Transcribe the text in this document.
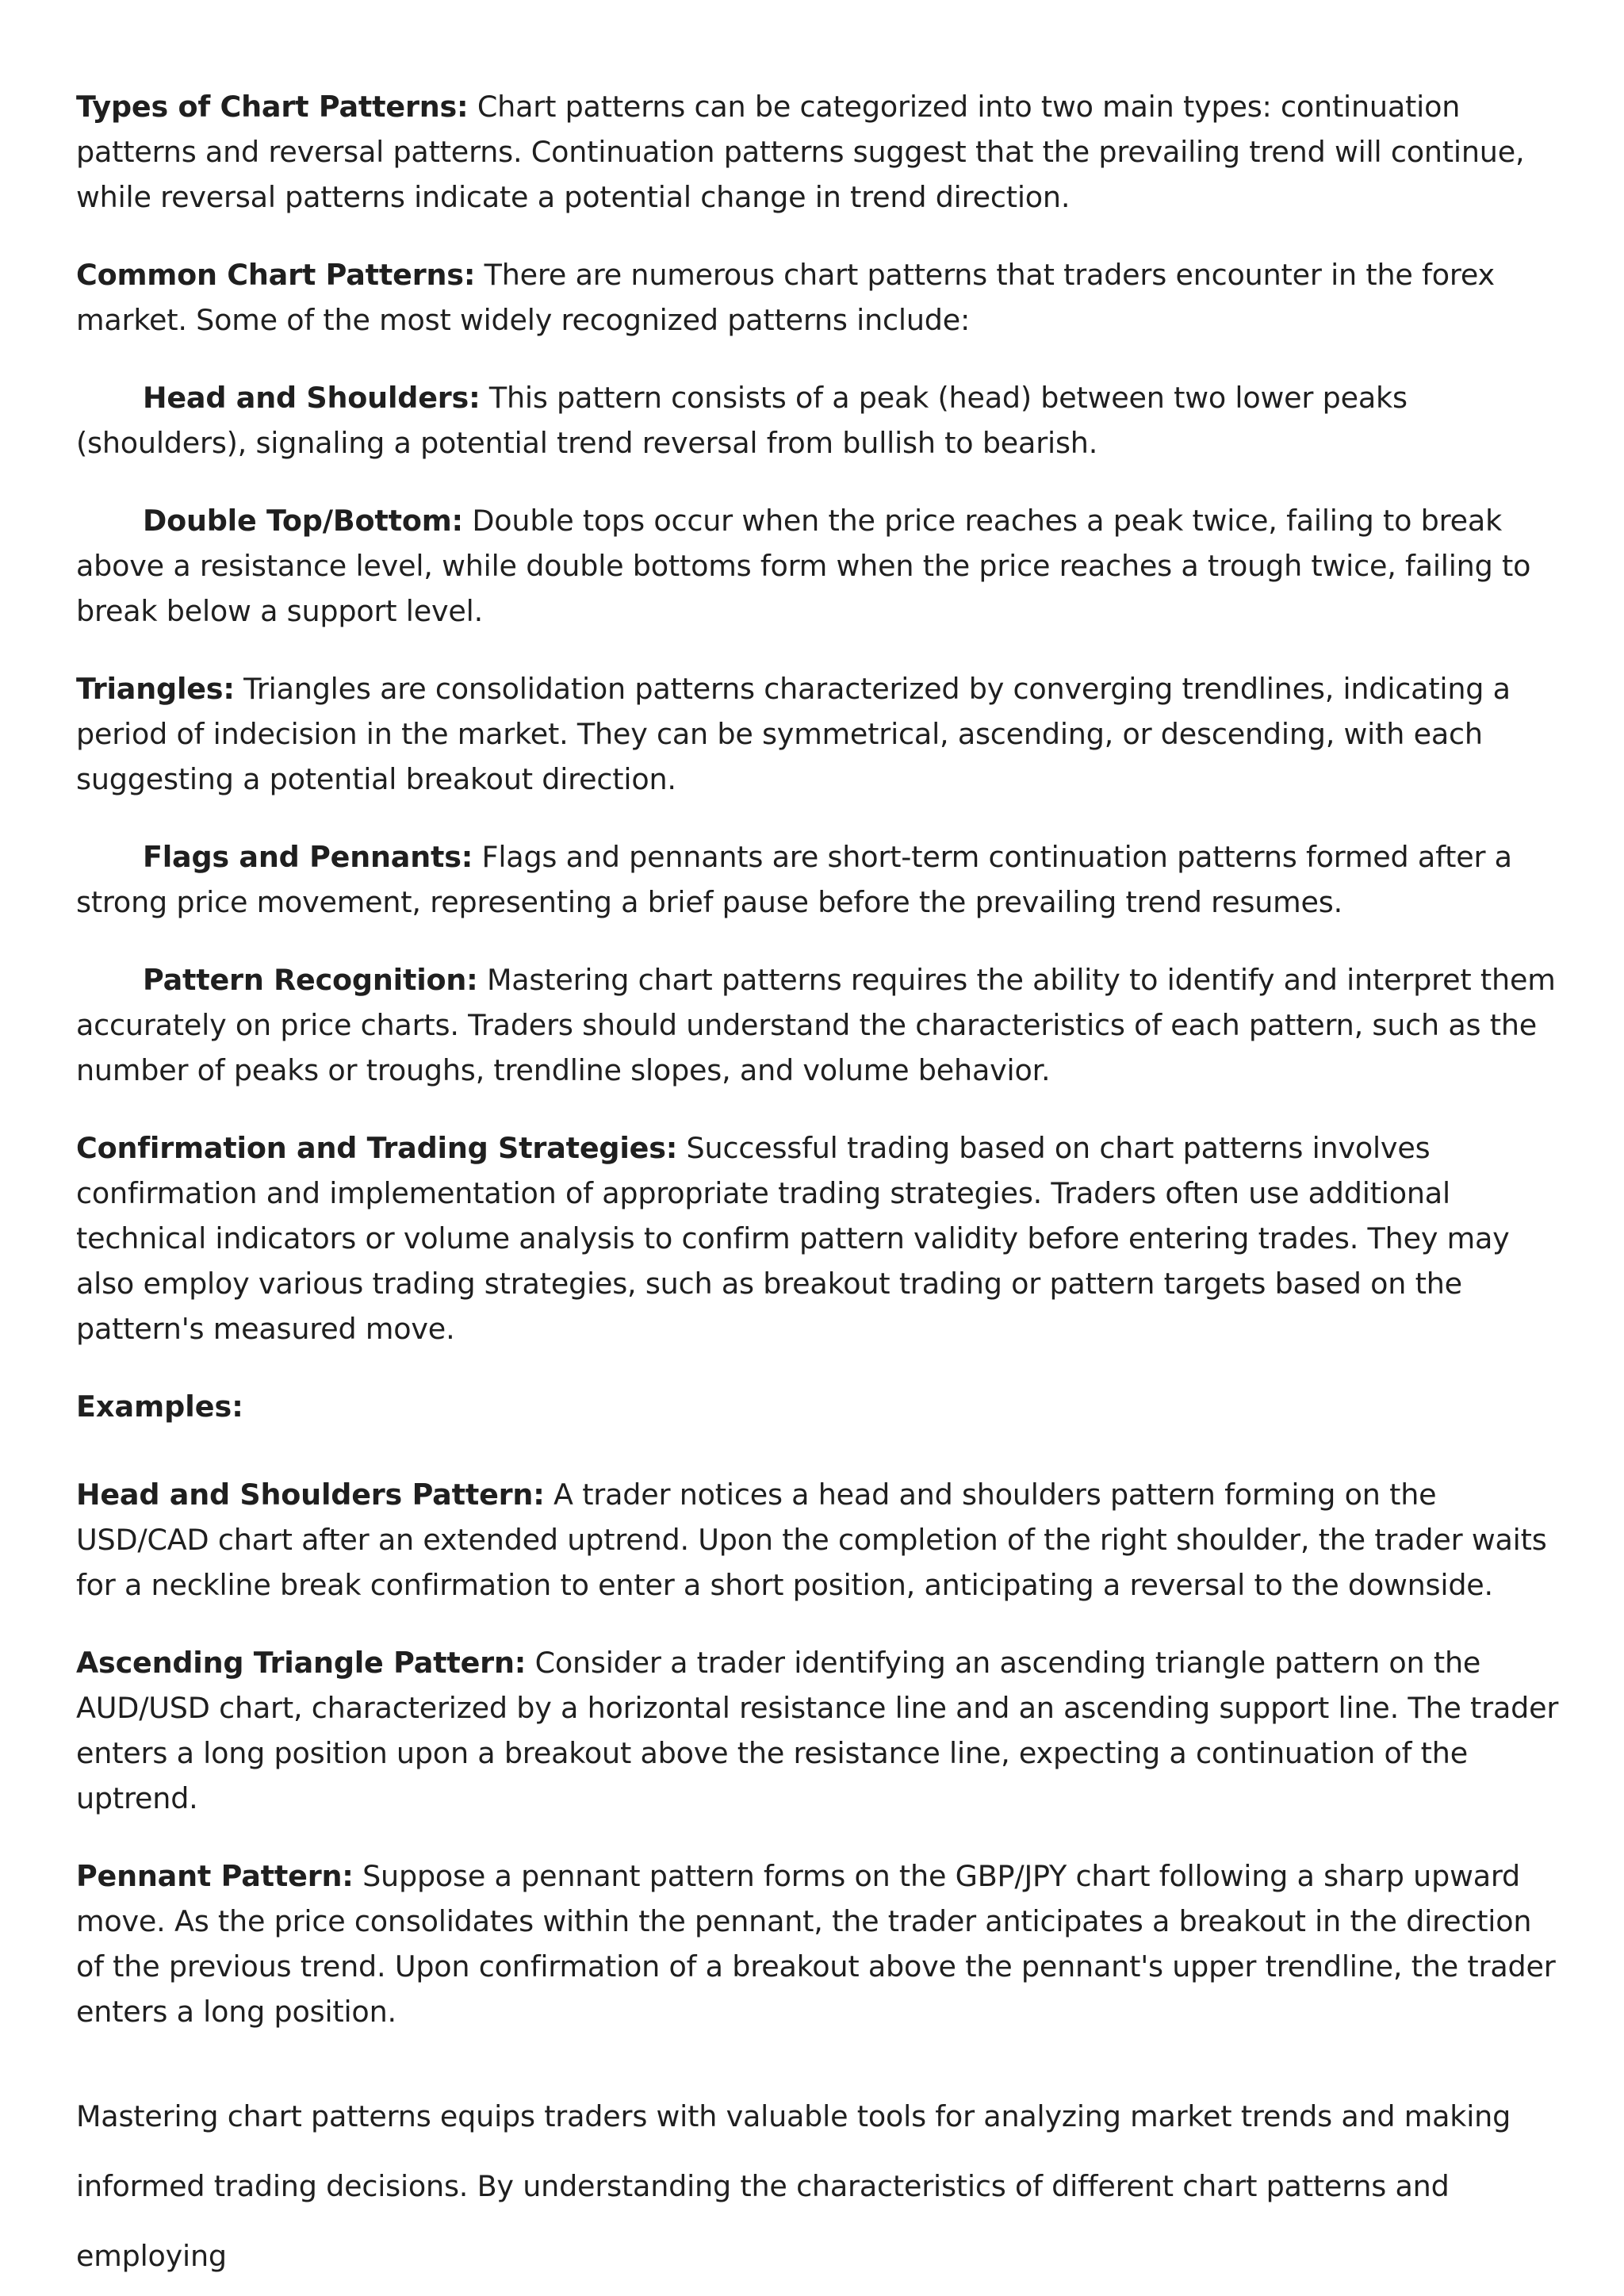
Types of Chart Patterns: Chart patterns can be categorized into two main types: continuation patterns and reversal patterns. Continuation patterns suggest that the prevailing trend will continue, while reversal patterns indicate a potential change in trend direction.

Common Chart Patterns: There are numerous chart patterns that traders encounter in the forex market. Some of the most widely recognized patterns include:

Head and Shoulders: This pattern consists of a peak (head) between two lower peaks (shoulders), signaling a potential trend reversal from bullish to bearish.

Double Top/Bottom: Double tops occur when the price reaches a peak twice, failing to break above a resistance level, while double bottoms form when the price reaches a trough twice, failing to break below a support level.

Triangles: Triangles are consolidation patterns characterized by converging trendlines, indicating a period of indecision in the market. They can be symmetrical, ascending, or descending, with each suggesting a potential breakout direction.

Flags and Pennants: Flags and pennants are short-term continuation patterns formed after a strong price movement, representing a brief pause before the prevailing trend resumes.

Pattern Recognition: Mastering chart patterns requires the ability to identify and interpret them accurately on price charts. Traders should understand the characteristics of each pattern, such as the number of peaks or troughs, trendline slopes, and volume behavior.

Confirmation and Trading Strategies: Successful trading based on chart patterns involves confirmation and implementation of appropriate trading strategies. Traders often use additional technical indicators or volume analysis to confirm pattern validity before entering trades. They may also employ various trading strategies, such as breakout trading or pattern targets based on the pattern's measured move.

Examples:

Head and Shoulders Pattern: A trader notices a head and shoulders pattern forming on the USD/CAD chart after an extended uptrend. Upon the completion of the right shoulder, the trader waits for a neckline break confirmation to enter a short position, anticipating a reversal to the downside.

Ascending Triangle Pattern: Consider a trader identifying an ascending triangle pattern on the AUD/USD chart, characterized by a horizontal resistance line and an ascending support line. The trader enters a long position upon a breakout above the resistance line, expecting a continuation of the uptrend.

Pennant Pattern: Suppose a pennant pattern forms on the GBP/JPY chart following a sharp upward move. As the price consolidates within the pennant, the trader anticipates a breakout in the direction of the previous trend. Upon confirmation of a breakout above the pennant's upper trendline, the trader enters a long position.

Mastering chart patterns equips traders with valuable tools for analyzing market trends and making

informed trading decisions. By understanding the characteristics of different chart patterns and employing
